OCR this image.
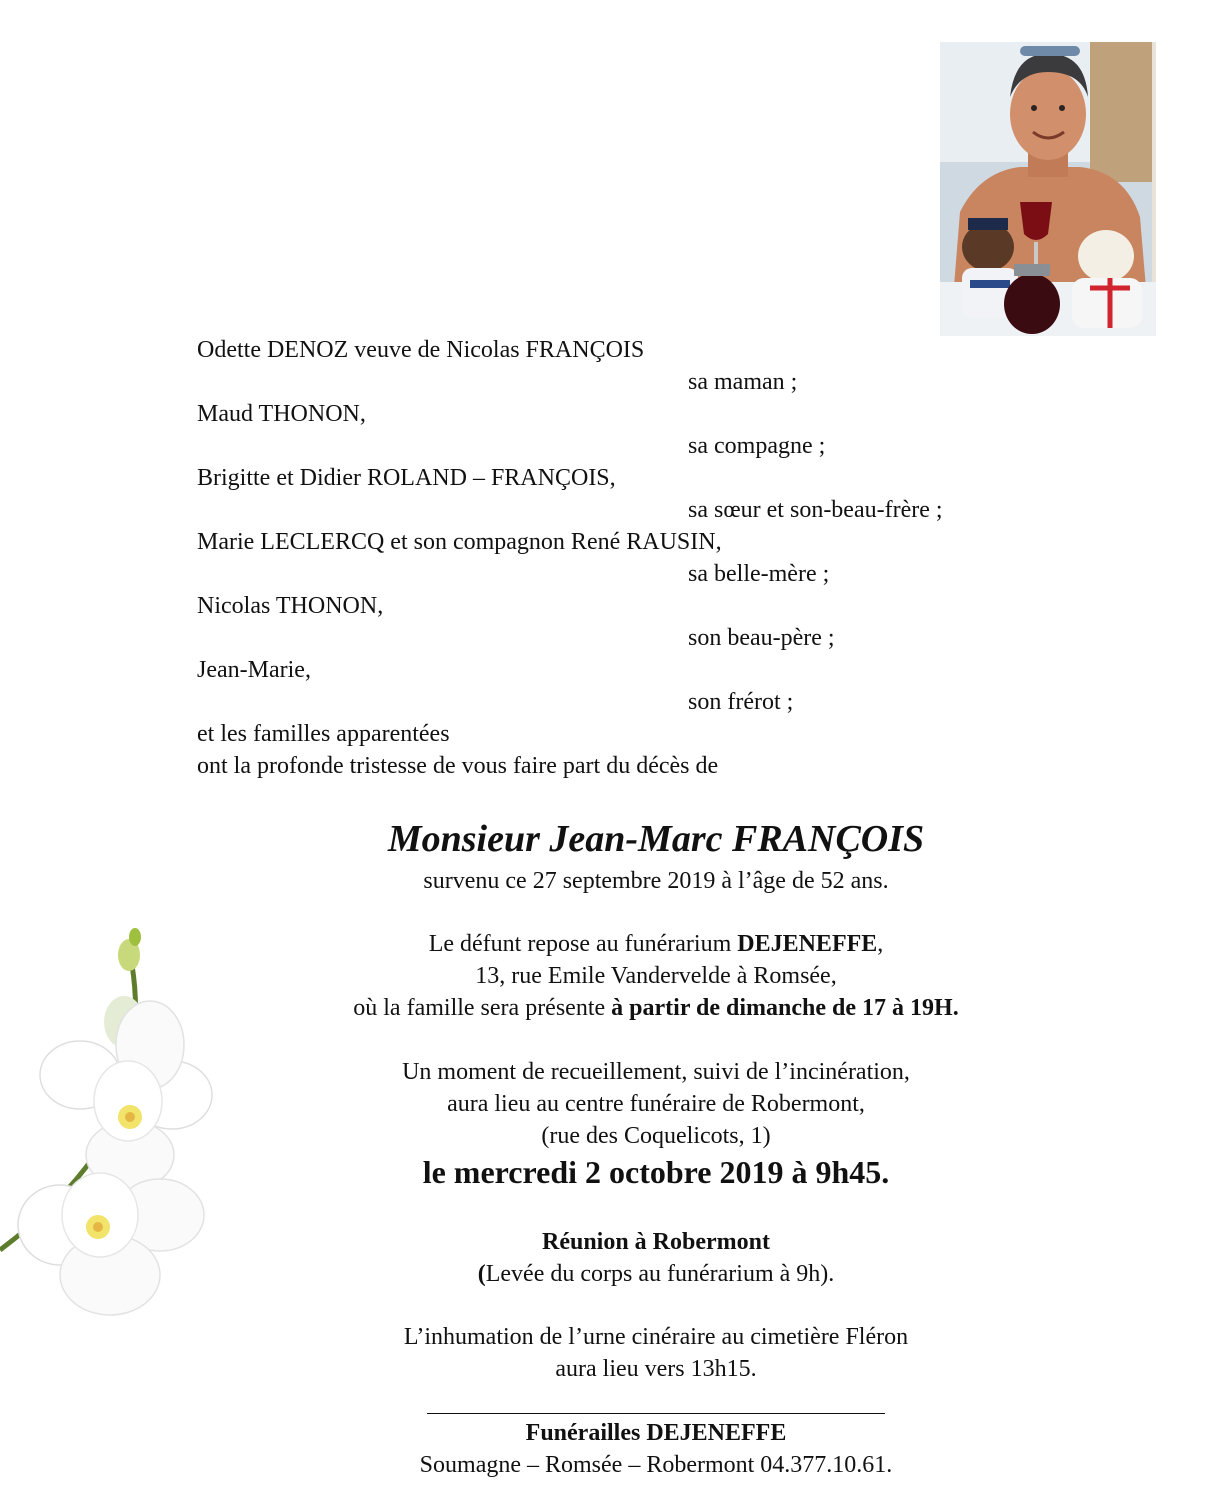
Odette DENOZ veuve de Nicolas FRANÇOIS
sa maman ;
Maud THONON,
sa compagne ;
Brigitte et Didier ROLAND – FRANÇOIS,
sa sœur et son-beau-frère ;
Marie LECLERCQ et son compagnon René RAUSIN,
sa belle-mère ;
Nicolas THONON,
son beau-père ;
Jean-Marie,
son frérot ;
et les familles apparentées
ont la profonde tristesse de vous faire part du décès de
Monsieur Jean-Marc FRANÇOIS
survenu ce 27 septembre 2019 à l’âge de 52 ans.
Le défunt repose au funérarium DEJENEFFE,
13, rue Emile Vandervelde à Romsée,
où la famille sera présente à partir de dimanche de 17 à 19H.
Un moment de recueillement, suivi de l’incinération,
aura lieu au centre funéraire de Robermont,
(rue des Coquelicots, 1)
le mercredi 2 octobre 2019 à 9h45.
Réunion à Robermont
(Levée du corps au funérarium à 9h).
L’inhumation de l’urne cinéraire au cimetière Fléron
aura lieu vers 13h15.
Funérailles DEJENEFFE
Soumagne – Romsée – Robermont 04.377.10.61.
